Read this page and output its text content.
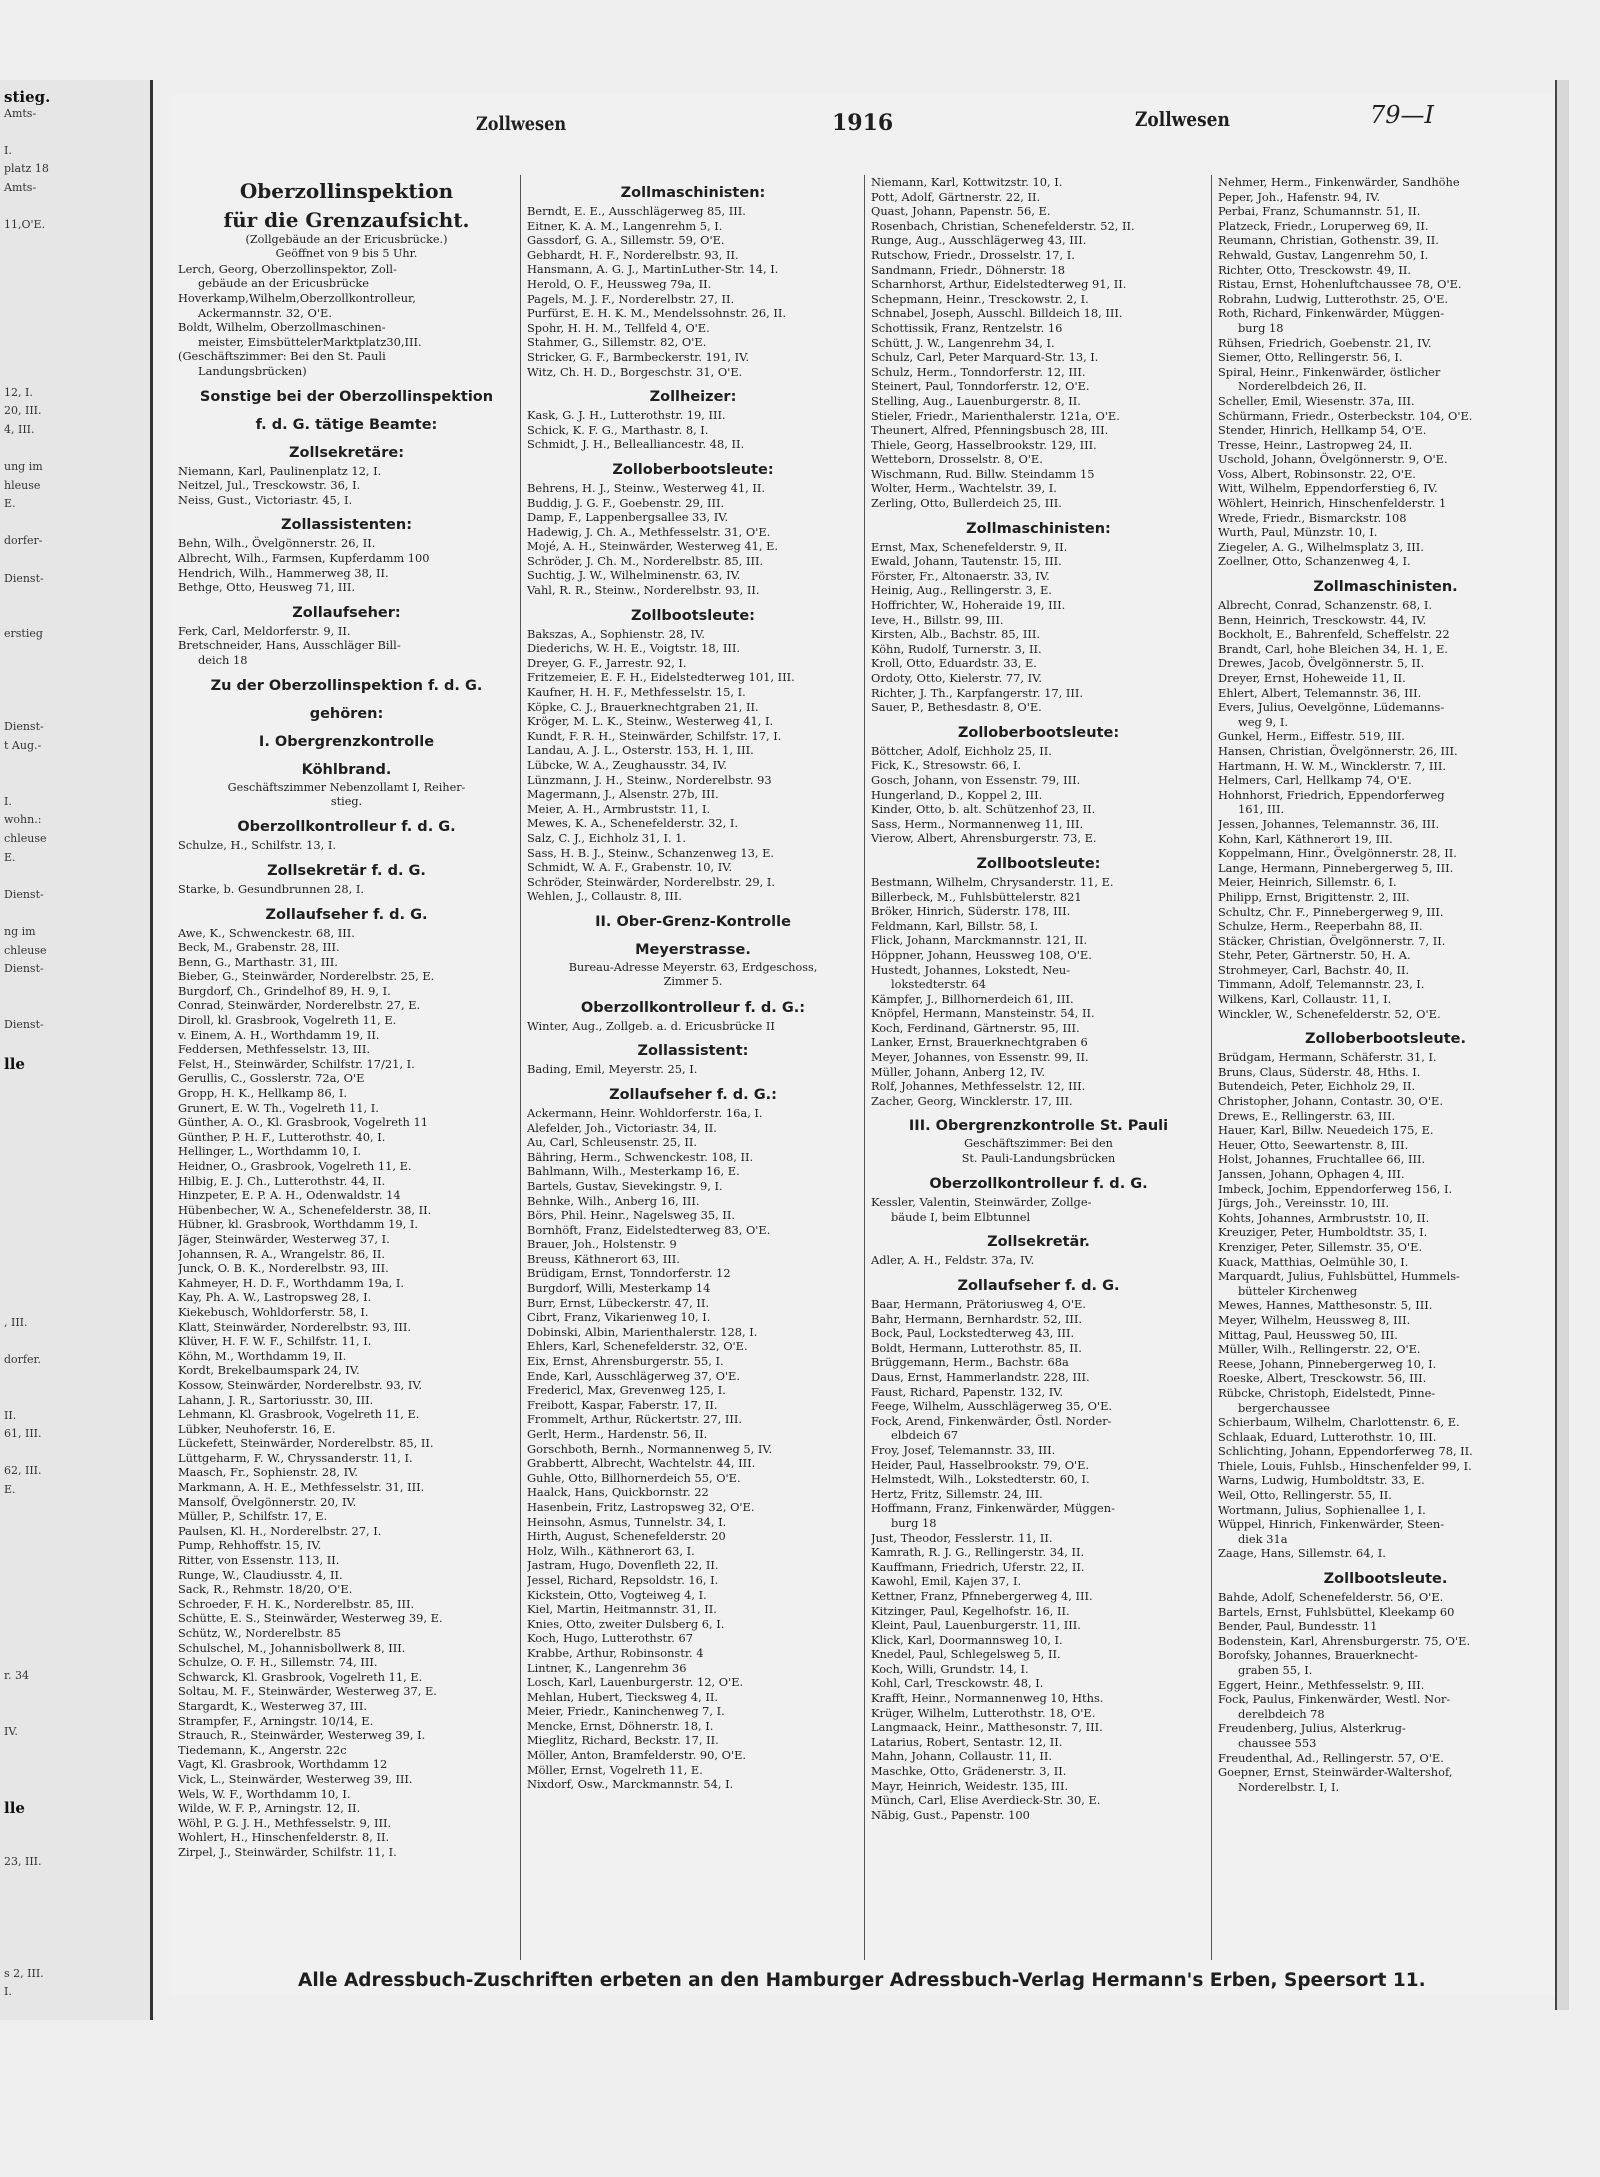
stieg.
Amts-
I.
platz 18
Amts-
11,O'E.
12, I.
20, III.
4, III.
ung im
hleuse
E.
dorfer-
Dienst-
erstieg
Dienst-
t Aug.-
I.
wohn.:
chleuse
E.
Dienst-
ng im
chleuse
Dienst-
Dienst-
lle
, III.
dorfer.
II.
61, III.
62, III.
E.
r. 34
IV.
lle
23, III.
s 2, III.
I.
Zollwesen	1916	Zollwesen	79—I
Oberzollinspektion
für die Grenzaufsicht.
(Zollgebäude an der Ericusbrücke.)
Geöffnet von 9 bis 5 Uhr.
Lerch, Georg, Oberzollinspektor, Zoll-
gebäude an der Ericusbrücke
Hoverkamp,Wilhelm,Oberzollkontrolleur,
Ackermannstr. 32, O'E.
Boldt, Wilhelm, Oberzollmaschinen-
meister, EimsbüttelerMarktplatz30,III.
(Geschäftszimmer: Bei den St. Pauli
Landungsbrücken)
Sonstige bei der Oberzollinspektion
f. d. G. tätige Beamte:
Zollsekretäre:
Niemann, Karl, Paulinenplatz 12, I.
Neitzel, Jul., Tresckowstr. 36, I.
Neiss, Gust., Victoriastr. 45, I.
Zollassistenten:
Behn, Wilh., Övelgönnerstr. 26, II.
Albrecht, Wilh., Farmsen, Kupferdamm 100
Hendrich, Wilh., Hammerweg 38, II.
Bethge, Otto, Heusweg 71, III.
Zollaufseher:
Ferk, Carl, Meldorferstr. 9, II.
Bretschneider, Hans, Ausschläger Bill-
deich 18
Zu der Oberzollinspektion f. d. G.
gehören:
I. Obergrenzkontrolle
Köhlbrand.
Geschäftszimmer Nebenzollamt I, Reiher-
stieg.
Oberzollkontrolleur f. d. G.
Schulze, H., Schilfstr. 13, I.
Zollsekretär f. d. G.
Starke, b. Gesundbrunnen 28, I.
Zollaufseher f. d. G.
Awe, K., Schwenckestr. 68, III.
Beck, M., Grabenstr. 28, III.
Benn, G., Marthastr. 31, III.
Bieber, G., Steinwärder, Norderelbstr. 25, E.
Burgdorf, Ch., Grindelhof 89, H. 9, I.
Conrad, Steinwärder, Norderelbstr. 27, E.
Diroll, kl. Grasbrook, Vogelreth 11, E.
v. Einem, A. H., Worthdamm 19, II.
Feddersen, Methfesselstr. 13, III.
Felst, H., Steinwärder, Schilfstr. 17/21, I.
Gerullis, C., Gosslerstr. 72a, O'E
Gropp, H. K., Hellkamp 86, I.
Grunert, E. W. Th., Vogelreth 11, I.
Günther, A. O., Kl. Grasbrook, Vogelreth 11
Günther, P. H. F., Lutterothstr. 40, I.
Hellinger, L., Worthdamm 10, I.
Heidner, O., Grasbrook, Vogelreth 11, E.
Hilbig, E. J. Ch., Lutterothstr. 44, II.
Hinzpeter, E. P. A. H., Odenwaldstr. 14
Hübenbecher, W. A., Schenefelderstr. 38, II.
Hübner, kl. Grasbrook, Worthdamm 19, I.
Jäger, Steinwärder, Westerweg 37, I.
Johannsen, R. A., Wrangelstr. 86, II.
Junck, O. B. K., Norderelbstr. 93, III.
Kahmeyer, H. D. F., Worthdamm 19a, I.
Kay, Ph. A. W., Lastropsweg 28, I.
Kiekebusch, Wohldorferstr. 58, I.
Klatt, Steinwärder, Norderelbstr. 93, III.
Klüver, H. F. W. F., Schilfstr. 11, I.
Köhn, M., Worthdamm 19, II.
Kordt, Brekelbaumspark 24, IV.
Kossow, Steinwärder, Norderelbstr. 93, IV.
Lahann, J. R., Sartoriusstr. 30, III.
Lehmann, Kl. Grasbrook, Vogelreth 11, E.
Lübker, Neuhoferstr. 16, E.
Lückefett, Steinwärder, Norderelbstr. 85, II.
Lüttgeharm, F. W., Chryssanderstr. 11, I.
Maasch, Fr., Sophienstr. 28, IV.
Markmann, A. H. E., Methfesselstr. 31, III.
Mansolf, Övelgönnerstr. 20, IV.
Müller, P., Schilfstr. 17, E.
Paulsen, Kl. H., Norderelbstr. 27, I.
Pump, Rehhoffstr. 15, IV.
Ritter, von Essenstr. 113, II.
Runge, W., Claudiusstr. 4, II.
Sack, R., Rehmstr. 18/20, O'E.
Schroeder, F. H. K., Norderelbstr. 85, III.
Schütte, E. S., Steinwärder, Westerweg 39, E.
Schütz, W., Norderelbstr. 85
Schulschel, M., Johannisbollwerk 8, III.
Schulze, O. F. H., Sillemstr. 74, III.
Schwarck, Kl. Grasbrook, Vogelreth 11, E.
Soltau, M. F., Steinwärder, Westerweg 37, E.
Stargardt, K., Westerweg 37, III.
Strampfer, F., Arningstr. 10/14, E.
Strauch, R., Steinwärder, Westerweg 39, I.
Tiedemann, K., Angerstr. 22c
Vagt, Kl. Grasbrook, Worthdamm 12
Vick, L., Steinwärder, Westerweg 39, III.
Wels, W. F., Worthdamm 10, I.
Wilde, W. F. P., Arningstr. 12, II.
Wöhl, P. G. J. H., Methfesselstr. 9, III.
Wohlert, H., Hinschenfelderstr. 8, II.
Zirpel, J., Steinwärder, Schilfstr. 11, I.
Zollmaschinisten:
Berndt, E. E., Ausschlägerweg 85, III.
Eitner, K. A. M., Langenrehm 5, I.
Gassdorf, G. A., Sillemstr. 59, O'E.
Gebhardt, H. F., Norderelbstr. 93, II.
Hansmann, A. G. J., MartinLuther-Str. 14, I.
Herold, O. F., Heussweg 79a, II.
Pagels, M. J. F., Norderelbstr. 27, II.
Purfürst, E. H. K. M., Mendelssohnstr. 26, II.
Spohr, H. H. M., Tellfeld 4, O'E.
Stahmer, G., Sillemstr. 82, O'E.
Stricker, G. F., Barmbeckerstr. 191, IV.
Witz, Ch. H. D., Borgeschstr. 31, O'E.
Zollheizer:
Kask, G. J. H., Lutterothstr. 19, III.
Schick, K. F. G., Marthastr. 8, I.
Schmidt, J. H., Bellealliancestr. 48, II.
Zolloberbootsleute:
Behrens, H. J., Steinw., Westerweg 41, II.
Buddig, J. G. F., Goebenstr. 29, III.
Damp, F., Lappenbergsallee 33, IV.
Hadewig, J. Ch. A., Methfesselstr. 31, O'E.
Mojé, A. H., Steinwärder, Westerweg 41, E.
Schröder, J. Ch. M., Norderelbstr. 85, III.
Suchtig, J. W., Wilhelminenstr. 63, IV.
Vahl, R. R., Steinw., Norderelbstr. 93, II.
Zollbootsleute:
Bakszas, A., Sophienstr. 28, IV.
Diederichs, W. H. E., Voigtstr. 18, III.
Dreyer, G. F., Jarrestr. 92, I.
Fritzemeier, E. F. H., Eidelstedterweg 101, III.
Kaufner, H. H. F., Methfesselstr. 15, I.
Köpke, C. J., Brauerknechtgraben 21, II.
Kröger, M. L. K., Steinw., Westerweg 41, I.
Kundt, F. R. H., Steinwärder, Schilfstr. 17, I.
Landau, A. J. L., Osterstr. 153, H. 1, III.
Lübcke, W. A., Zeughausstr. 34, IV.
Lünzmann, J. H., Steinw., Norderelbstr. 93
Magermann, J., Alsenstr. 27b, III.
Meier, A. H., Armbruststr. 11, I.
Mewes, K. A., Schenefelderstr. 32, I.
Salz, C. J., Eichholz 31, I. 1.
Sass, H. B. J., Steinw., Schanzenweg 13, E.
Schmidt, W. A. F., Grabenstr. 10, IV.
Schröder, Steinwärder, Norderelbstr. 29, I.
Wehlen, J., Collaustr. 8, III.
II. Ober-Grenz-Kontrolle
Meyerstrasse.
Bureau-Adresse Meyerstr. 63, Erdgeschoss,
Zimmer 5.
Oberzollkontrolleur f. d. G.:
Winter, Aug., Zollgeb. a. d. Ericusbrücke II
Zollassistent:
Bading, Emil, Meyerstr. 25, I.
Zollaufseher f. d. G.:
Ackermann, Heinr. Wohldorferstr. 16a, I.
Alefelder, Joh., Victoriastr. 34, II.
Au, Carl, Schleusenstr. 25, II.
Bähring, Herm., Schwenckestr. 108, II.
Bahlmann, Wilh., Mesterkamp 16, E.
Bartels, Gustav, Sievekingstr. 9, I.
Behnke, Wilh., Anberg 16, III.
Börs, Phil. Heinr., Nagelsweg 35, II.
Bornhöft, Franz, Eidelstedterweg 83, O'E.
Brauer, Joh., Holstenstr. 9
Breuss, Käthnerort 63, III.
Brüdigam, Ernst, Tonndorferstr. 12
Burgdorf, Willi, Mesterkamp 14
Burr, Ernst, Lübeckerstr. 47, II.
Cibrt, Franz, Vikarienweg 10, I.
Dobinski, Albin, Marienthalerstr. 128, I.
Ehlers, Karl, Schenefelderstr. 32, O'E.
Eix, Ernst, Ahrensburgerstr. 55, I.
Ende, Karl, Ausschlägerweg 37, O'E.
Fredericl, Max, Grevenweg 125, I.
Freibott, Kaspar, Faberstr. 17, II.
Frommelt, Arthur, Rückertstr. 27, III.
Gerlt, Herm., Hardenstr. 56, II.
Gorschboth, Bernh., Normannenweg 5, IV.
Grabbertt, Albrecht, Wachtelstr. 44, III.
Guhle, Otto, Billhornerdeich 55, O'E.
Haalck, Hans, Quickbornstr. 22
Hasenbein, Fritz, Lastropsweg 32, O'E.
Heinsohn, Asmus, Tunnelstr. 34, I.
Hirth, August, Schenefelderstr. 20
Holz, Wilh., Käthnerort 63, I.
Jastram, Hugo, Dovenfleth 22, II.
Jessel, Richard, Repsoldstr. 16, I.
Kickstein, Otto, Vogteiweg 4, I.
Kiel, Martin, Heitmannstr. 31, II.
Knies, Otto, zweiter Dulsberg 6, I.
Koch, Hugo, Lutterothstr. 67
Krabbe, Arthur, Robinsonstr. 4
Lintner, K., Langenrehm 36
Losch, Karl, Lauenburgerstr. 12, O'E.
Mehlan, Hubert, Tiecksweg 4, II.
Meier, Friedr., Kaninchenweg 7, I.
Mencke, Ernst, Döhnerstr. 18, I.
Mieglitz, Richard, Beckstr. 17, II.
Möller, Anton, Bramfelderstr. 90, O'E.
Möller, Ernst, Vogelreth 11, E.
Nixdorf, Osw., Marckmannstr. 54, I.
Niemann, Karl, Kottwitzstr. 10, I.
Pott, Adolf, Gärtnerstr. 22, II.
Quast, Johann, Papenstr. 56, E.
Rosenbach, Christian, Schenefelderstr. 52, II.
Runge, Aug., Ausschlägerweg 43, III.
Rutschow, Friedr., Drosselstr. 17, I.
Sandmann, Friedr., Döhnerstr. 18
Scharnhorst, Arthur, Eidelstedterweg 91, II.
Schepmann, Heinr., Tresckowstr. 2, I.
Schnabel, Joseph, Ausschl. Billdeich 18, III.
Schottissik, Franz, Rentzelstr. 16
Schütt, J. W., Langenrehm 34, I.
Schulz, Carl, Peter Marquard-Str. 13, I.
Schulz, Herm., Tonndorferstr. 12, III.
Steinert, Paul, Tonndorferstr. 12, O'E.
Stelling, Aug., Lauenburgerstr. 8, II.
Stieler, Friedr., Marienthalerstr. 121a, O'E.
Theunert, Alfred, Pfenningsbusch 28, III.
Thiele, Georg, Hasselbrookstr. 129, III.
Wetteborn, Drosselstr. 8, O'E.
Wischmann, Rud. Billw. Steindamm 15
Wolter, Herm., Wachtelstr. 39, I.
Zerling, Otto, Bullerdeich 25, III.
Zollmaschinisten:
Ernst, Max, Schenefelderstr. 9, II.
Ewald, Johann, Tautenstr. 15, III.
Förster, Fr., Altonaerstr. 33, IV.
Heinig, Aug., Rellingerstr. 3, E.
Hoffrichter, W., Hoheraide 19, III.
Ieve, H., Billstr. 99, III.
Kirsten, Alb., Bachstr. 85, III.
Köhn, Rudolf, Turnerstr. 3, II.
Kroll, Otto, Eduardstr. 33, E.
Ordoty, Otto, Kielerstr. 77, IV.
Richter, J. Th., Karpfangerstr. 17, III.
Sauer, P., Bethesdastr. 8, O'E.
Zolloberbootsleute:
Böttcher, Adolf, Eichholz 25, II.
Fick, K., Stresowstr. 66, I.
Gosch, Johann, von Essenstr. 79, III.
Hungerland, D., Koppel 2, III.
Kinder, Otto, b. alt. Schützenhof 23, II.
Sass, Herm., Normannenweg 11, III.
Vierow, Albert, Ahrensburgerstr. 73, E.
Zollbootsleute:
Bestmann, Wilhelm, Chrysanderstr. 11, E.
Billerbeck, M., Fuhlsbüttelerstr. 821
Bröker, Hinrich, Süderstr. 178, III.
Feldmann, Karl, Billstr. 58, I.
Flick, Johann, Marckmannstr. 121, II.
Höppner, Johann, Heussweg 108, O'E.
Hustedt, Johannes, Lokstedt, Neu-
lokstedterstr. 64
Kämpfer, J., Billhornerdeich 61, III.
Knöpfel, Hermann, Mansteinstr. 54, II.
Koch, Ferdinand, Gärtnerstr. 95, III.
Lanker, Ernst, Brauerknechtgraben 6
Meyer, Johannes, von Essenstr. 99, II.
Müller, Johann, Anberg 12, IV.
Rolf, Johannes, Methfesselstr. 12, III.
Zacher, Georg, Wincklerstr. 17, III.
III. Obergrenzkontrolle St. Pauli
Geschäftszimmer: Bei den
St. Pauli-Landungsbrücken
Oberzollkontrolleur f. d. G.
Kessler, Valentin, Steinwärder, Zollge-
bäude I, beim Elbtunnel
Zollsekretär.
Adler, A. H., Feldstr. 37a, IV.
Zollaufseher f. d. G.
Baar, Hermann, Prätoriusweg 4, O'E.
Bahr, Hermann, Bernhardstr. 52, III.
Bock, Paul, Lockstedterweg 43, III.
Boldt, Hermann, Lutterothstr. 85, II.
Brüggemann, Herm., Bachstr. 68a
Daus, Ernst, Hammerlandstr. 228, III.
Faust, Richard, Papenstr. 132, IV.
Feege, Wilhelm, Ausschlägerweg 35, O'E.
Fock, Arend, Finkenwärder, Östl. Norder-
elbdeich 67
Froy, Josef, Telemannstr. 33, III.
Heider, Paul, Hasselbrookstr. 79, O'E.
Helmstedt, Wilh., Lokstedterstr. 60, I.
Hertz, Fritz, Sillemstr. 24, III.
Hoffmann, Franz, Finkenwärder, Müggen-
burg 18
Just, Theodor, Fesslerstr. 11, II.
Kamrath, R. J. G., Rellingerstr. 34, II.
Kauffmann, Friedrich, Uferstr. 22, II.
Kawohl, Emil, Kajen 37, I.
Kettner, Franz, Pfnnebergerweg 4, III.
Kitzinger, Paul, Kegelhofstr. 16, II.
Kleint, Paul, Lauenburgerstr. 11, III.
Klick, Karl, Doormannsweg 10, I.
Knedel, Paul, Schlegelsweg 5, II.
Koch, Willi, Grundstr. 14, I.
Kohl, Carl, Tresckowstr. 48, I.
Krafft, Heinr., Normannenweg 10, Hths.
Krüger, Wilhelm, Lutterothstr. 18, O'E.
Langmaack, Heinr., Matthesonstr. 7, III.
Latarius, Robert, Sentastr. 12, II.
Mahn, Johann, Collaustr. 11, II.
Maschke, Otto, Grädenerstr. 3, II.
Mayr, Heinrich, Weidestr. 135, III.
Münch, Carl, Elise Averdieck-Str. 30, E.
Nābig, Gust., Papenstr. 100
Nehmer, Herm., Finkenwärder, Sandhöhe
Peper, Joh., Hafenstr. 94, IV.
Perbai, Franz, Schumannstr. 51, II.
Platzeck, Friedr., Loruperweg 69, II.
Reumann, Christian, Gothenstr. 39, II.
Rehwald, Gustav, Langenrehm 50, I.
Richter, Otto, Tresckowstr. 49, II.
Ristau, Ernst, Hohenluftchaussee 78, O'E.
Robrahn, Ludwig, Lutterothstr. 25, O'E.
Roth, Richard, Finkenwärder, Müggen-
burg 18
Rühsen, Friedrich, Goebenstr. 21, IV.
Siemer, Otto, Rellingerstr. 56, I.
Spiral, Heinr., Finkenwärder, östlicher
Norderelbdeich 26, II.
Scheller, Emil, Wiesenstr. 37a, III.
Schürmann, Friedr., Osterbeckstr. 104, O'E.
Stender, Hinrich, Hellkamp 54, O'E.
Tresse, Heinr., Lastropweg 24, II.
Uschold, Johann, Övelgönnerstr. 9, O'E.
Voss, Albert, Robinsonstr. 22, O'E.
Witt, Wilhelm, Eppendorferstieg 6, IV.
Wöhlert, Heinrich, Hinschenfelderstr. 1
Wrede, Friedr., Bismarckstr. 108
Wurth, Paul, Münzstr. 10, I.
Ziegeler, A. G., Wilhelmsplatz 3, III.
Zoellner, Otto, Schanzenweg 4, I.
Zollmaschinisten.
Albrecht, Conrad, Schanzenstr. 68, I.
Benn, Heinrich, Tresckowstr. 44, IV.
Bockholt, E., Bahrenfeld, Scheffelstr. 22
Brandt, Carl, hohe Bleichen 34, H. 1, E.
Drewes, Jacob, Övelgönnerstr. 5, II.
Dreyer, Ernst, Hoheweide 11, II.
Ehlert, Albert, Telemannstr. 36, III.
Evers, Julius, Oevelgönne, Lüdemanns-
weg 9, I.
Gunkel, Herm., Eiffestr. 519, III.
Hansen, Christian, Övelgönnerstr. 26, III.
Hartmann, H. W. M., Wincklerstr. 7, III.
Helmers, Carl, Hellkamp 74, O'E.
Hohnhorst, Friedrich, Eppendorferweg
161, III.
Jessen, Johannes, Telemannstr. 36, III.
Kohn, Karl, Käthnerort 19, III.
Koppelmann, Hinr., Övelgönnerstr. 28, II.
Lange, Hermann, Pinnebergerweg 5, III.
Meier, Heinrich, Sillemstr. 6, I.
Philipp, Ernst, Brigittenstr. 2, III.
Schultz, Chr. F., Pinnebergerweg 9, III.
Schulze, Herm., Reeperbahn 88, II.
Stäcker, Christian, Övelgönnerstr. 7, II.
Stehr, Peter, Gärtnerstr. 50, H. A.
Strohmeyer, Carl, Bachstr. 40, II.
Timmann, Adolf, Telemannstr. 23, I.
Wilkens, Karl, Collaustr. 11, I.
Winckler, W., Schenefelderstr. 52, O'E.
Zolloberbootsleute.
Brüdgam, Hermann, Schäferstr. 31, I.
Bruns, Claus, Süderstr. 48, Hths. I.
Butendeich, Peter, Eichholz 29, II.
Christopher, Johann, Contastr. 30, O'E.
Drews, E., Rellingerstr. 63, III.
Hauer, Karl, Billw. Neuedeich 175, E.
Heuer, Otto, Seewartenstr. 8, III.
Holst, Johannes, Fruchtallee 66, III.
Janssen, Johann, Ophagen 4, III.
Imbeck, Jochim, Eppendorferweg 156, I.
Jürgs, Joh., Vereinsstr. 10, III.
Kohts, Johannes, Armbruststr. 10, II.
Kreuziger, Peter, Humboldtstr. 35, I.
Krenziger, Peter, Sillemstr. 35, O'E.
Kuack, Matthias, Oelmühle 30, I.
Marquardt, Julius, Fuhlsbüttel, Hummels-
bütteler Kirchenweg
Mewes, Hannes, Matthesonstr. 5, III.
Meyer, Wilhelm, Heussweg 8, III.
Mittag, Paul, Heussweg 50, III.
Müller, Wilh., Rellingerstr. 22, O'E.
Reese, Johann, Pinnebergerweg 10, I.
Roeske, Albert, Tresckowstr. 56, III.
Rübcke, Christoph, Eidelstedt, Pinne-
bergerchaussee
Schierbaum, Wilhelm, Charlottenstr. 6, E.
Schlaak, Eduard, Lutterothstr. 10, III.
Schlichting, Johann, Eppendorferweg 78, II.
Thiele, Louis, Fuhlsb., Hinschenfelder 99, I.
Warns, Ludwig, Humboldtstr. 33, E.
Weil, Otto, Rellingerstr. 55, II.
Wortmann, Julius, Sophienallee 1, I.
Wüppel, Hinrich, Finkenwärder, Steen-
diek 31a
Zaage, Hans, Sillemstr. 64, I.
Zollbootsleute.
Bahde, Adolf, Schenefelderstr. 56, O'E.
Bartels, Ernst, Fuhlsbüttel, Kleekamp 60
Bender, Paul, Bundesstr. 11
Bodenstein, Karl, Ahrensburgerstr. 75, O'E.
Borofsky, Johannes, Brauerknecht-
graben 55, I.
Eggert, Heinr., Methfesselstr. 9, III.
Fock, Paulus, Finkenwärder, Westl. Nor-
derelbdeich 78
Freudenberg, Julius, Alsterkrug-
chaussee 553
Freudenthal, Ad., Rellingerstr. 57, O'E.
Goepner, Ernst, Steinwärder-Waltershof,
Norderelbstr. I, I.
Alle Adressbuch-Zuschriften erbeten an den Hamburger Adressbuch-Verlag Hermann's Erben, Speersort 11.
